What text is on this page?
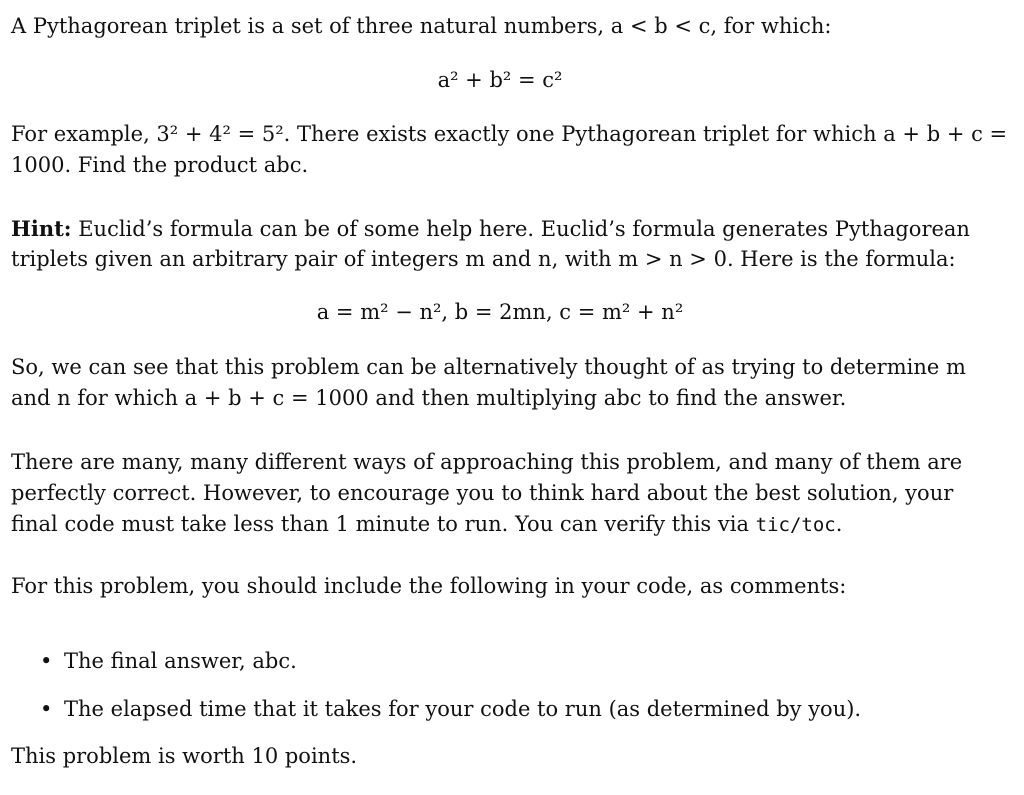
A Pythagorean triplet is a set of three natural numbers, a < b < c, for which:
a² + b² = c²
For example, 3² + 4² = 5². There exists exactly one Pythagorean triplet for which a + b + c =
1000. Find the product abc.
Hint: Euclid’s formula can be of some help here. Euclid’s formula generates Pythagorean
triplets given an arbitrary pair of integers m and n, with m > n > 0. Here is the formula:
a = m² − n², b = 2mn, c = m² + n²
So, we can see that this problem can be alternatively thought of as trying to determine m
and n for which a + b + c = 1000 and then multiplying abc to find the answer.
There are many, many different ways of approaching this problem, and many of them are
perfectly correct. However, to encourage you to think hard about the best solution, your
final code must take less than 1 minute to run. You can verify this via tic/toc.
For this problem, you should include the following in your code, as comments:
• The final answer, abc.
• The elapsed time that it takes for your code to run (as determined by you).
This problem is worth 10 points.
